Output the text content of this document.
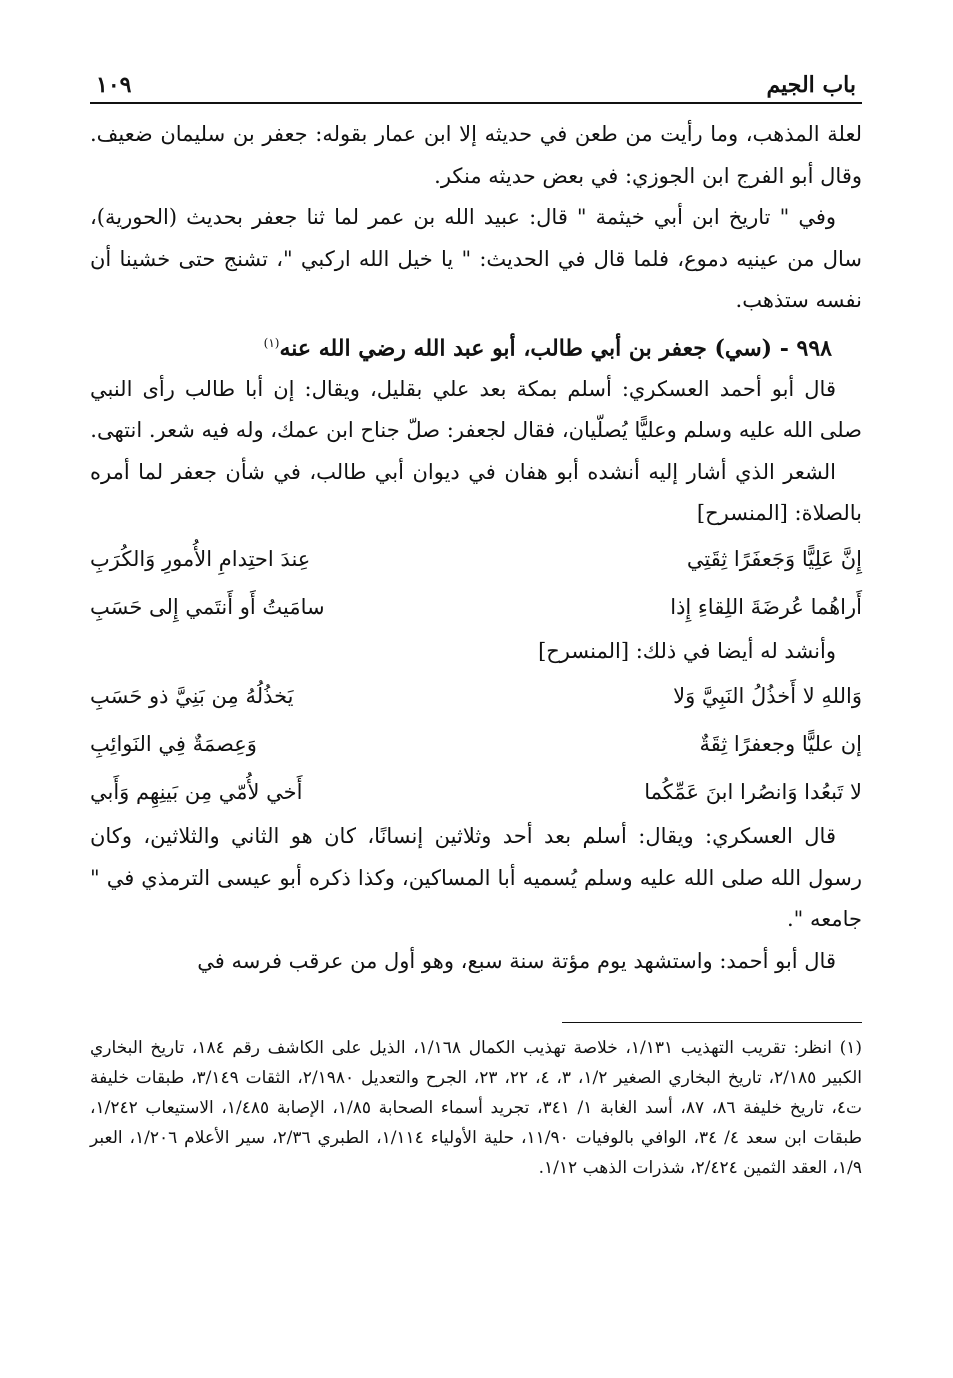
باب الجيم
١٠٩

لعلة المذهب، وما رأيت من طعن في حديثه إلا ابن عمار بقوله: جعفر بن سليمان ضعيف. وقال أبو الفرج ابن الجوزي: في بعض حديثه منكر.

وفي " تاريخ ابن أبي خيثمة " قال: عبيد الله بن عمر لما ثنا جعفر بحديث (الحورية)، سال من عينيه دموع، فلما قال في الحديث: " يا خيل الله اركبي "، تشنج حتى خشينا أن نفسه ستذهب.

٩٩٨ - (سي) جعفر بن أبي طالب، أبو عبد الله رضي الله عنه$^{(١)}$

قال أبو أحمد العسكري: أسلم بمكة بعد علي بقليل، ويقال: إن أبا طالب رأى النبي صلى الله عليه وسلم وعليًّا يُصلّيان، فقال لجعفر: صلّ جناح ابن عمك، وله فيه شعر. انتهى.

الشعر الذي أشار إليه أنشده أبو هفان في ديوان أبي طالب، في شأن جعفر لما أمره بالصلاة: [المنسرح]

إِنَّ عَلِيًّا وَجَعفَرًا ثِقَتِي
عِندَ احتِدامِ الأُمورِ وَالكُرَبِ
أَراهُما عُرضَةَ اللِقاءِ إِذا
سامَيتُ أَو أَنتَمي إِلى حَسَبِ

وأنشد له أيضا في ذلك: [المنسرح]

وَاللهِ لا أَخذُلُ النَبِيَّ وَلا
يَخذُلُهُ مِن بَنِيَّ ذو حَسَبِ
إن عليًّا وجعفرًا ثِقَةٌ
وَعِصمَةٌ فِي النَوائِبِ
لا تَبعُدا وَانصُرا ابنَ عَمِّكُما
أَخي لأُمّي مِن بَينِهِم وَأَبي

قال العسكري: ويقال: أسلم بعد أحد وثلاثين إنسانًا، كان هو الثاني والثلاثين، وكان رسول الله صلى الله عليه وسلم يُسميه أبا المساكين، وكذا ذكره أبو عيسى الترمذي في " جامعه ".

قال أبو أحمد: واستشهد يوم مؤتة سنة سبع، وهو أول من عرقب فرسه في

(١) انظر: تقريب التهذيب ١/١٣١، خلاصة تهذيب الكمال ١/١٦٨، الذيل على الكاشف رقم ١٨٤، تاريخ البخاري الكبير ٢/١٨٥، تاريخ البخاري الصغير ١/٢، ٣، ٤، ٢٢، ٢٣، الجرح والتعديل ٢/١٩٨٠، الثقات ٣/١٤٩، طبقات خليفة ت٤، تاريخ خليفة ٨٦، ٨٧، أسد الغابة ١/ ٣٤١، تجريد أسماء الصحابة ١/٨٥، الإصابة ١/٤٨٥، الاستيعاب ١/٢٤٢، طبقات ابن سعد ٤/ ٣٤، الوافي بالوفيات ١١/٩٠، حلية الأولياء ١/١١٤، الطبري ٢/٣٦، سير الأعلام ١/٢٠٦، العبر ١/٩، العقد الثمين ٢/٤٢٤، شذرات الذهب ١/١٢.
